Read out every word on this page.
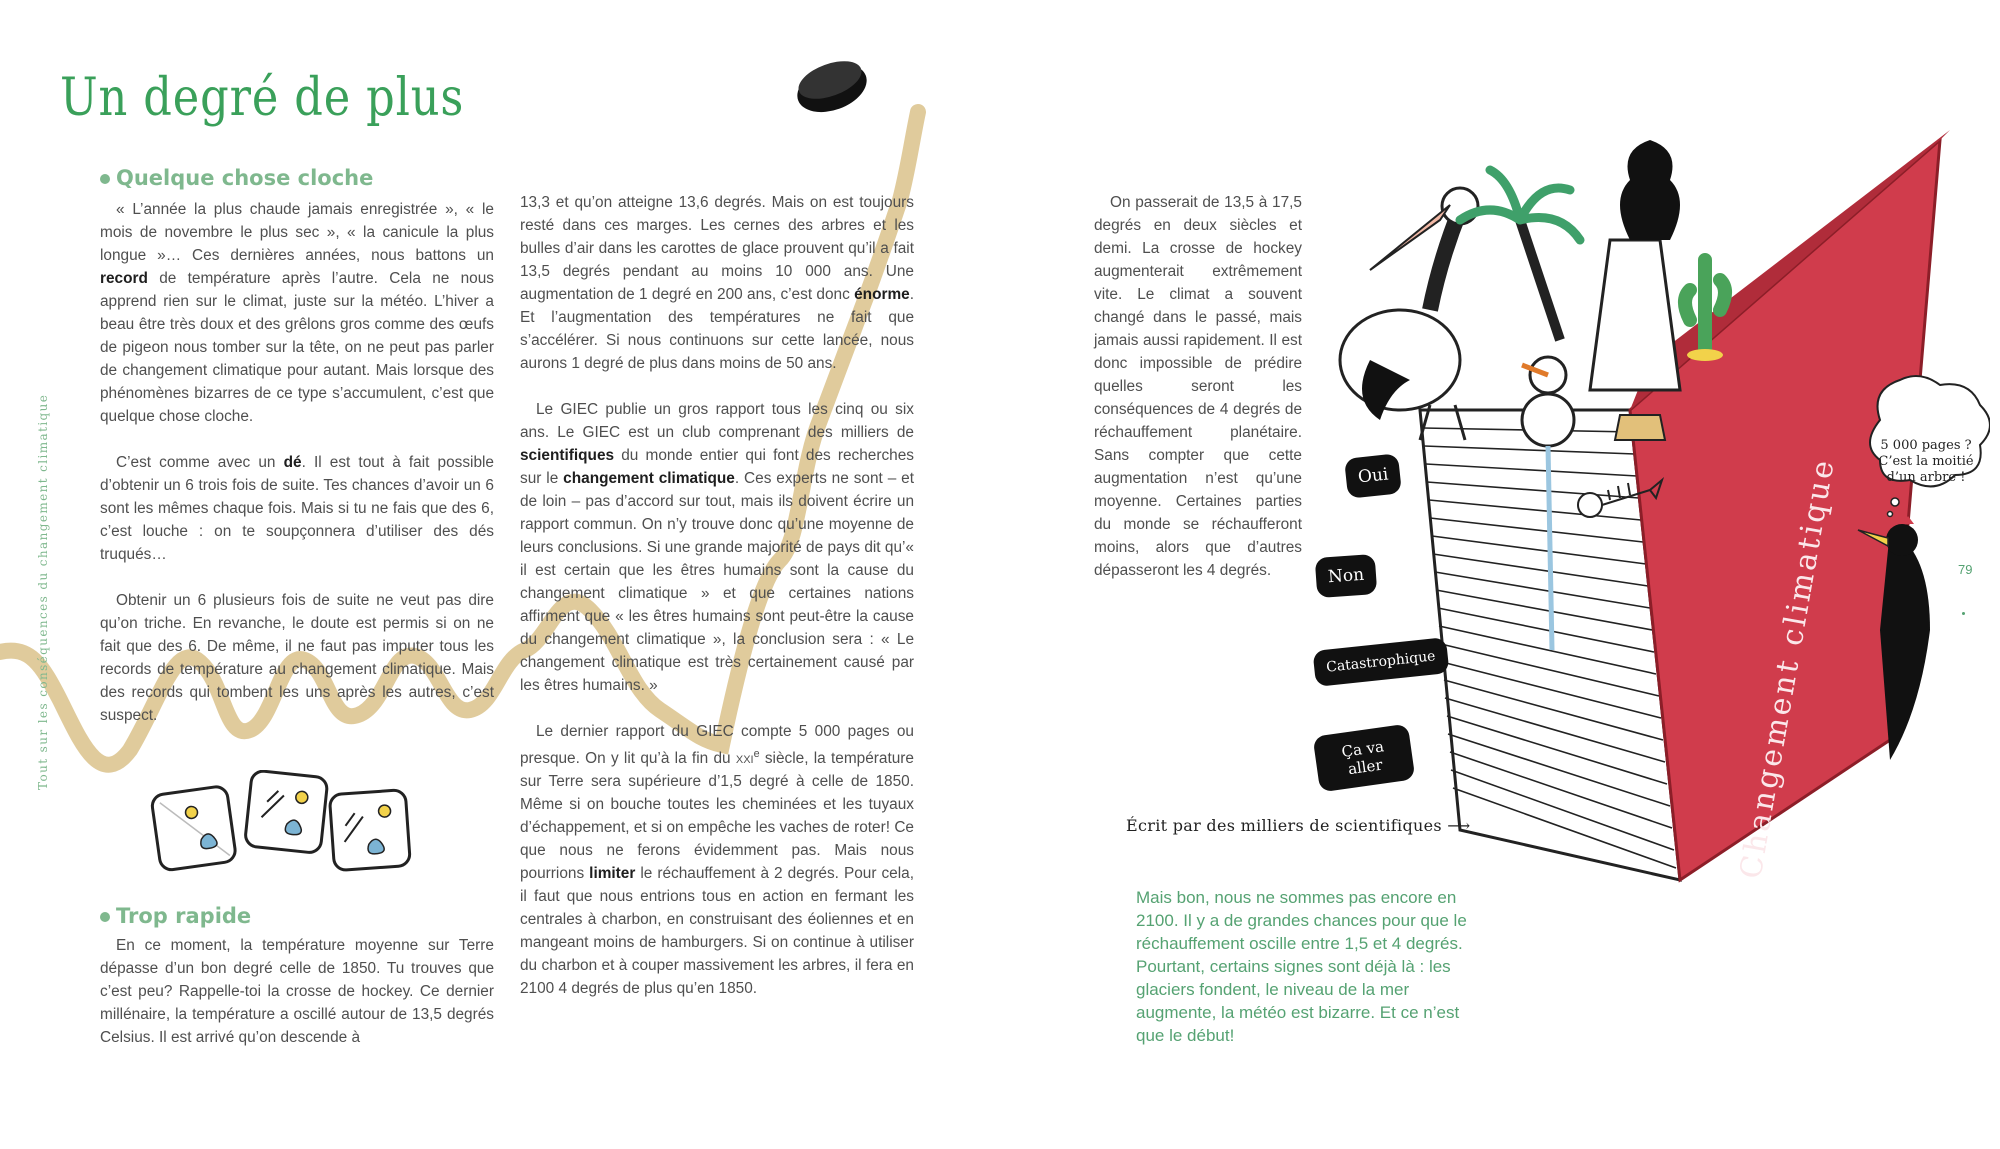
Un degré de plus
Tout sur les conséquences du changement climatique
Quelque chose cloche

« L’année la plus chaude jamais enregistrée », « le mois de novembre le plus sec », « la canicule la plus longue »… Ces dernières années, nous battons un record de température après l’autre. Cela ne nous apprend rien sur le climat, juste sur la météo. L’hiver a beau être très doux et des grêlons gros comme des œufs de pigeon nous tomber sur la tête, on ne peut pas parler de changement climatique pour autant. Mais lorsque des phénomènes bizarres de ce type s’accumulent, c’est que quelque chose cloche.

C’est comme avec un dé. Il est tout à fait possible d’obtenir un 6 trois fois de suite. Tes chances d’avoir un 6 sont les mêmes chaque fois. Mais si tu ne fais que des 6, c’est louche : on te soupçonnera d’utiliser des dés truqués…

Obtenir un 6 plusieurs fois de suite ne veut pas dire qu’on triche. En revanche, le doute est permis si on ne fait que des 6. De même, il ne faut pas imputer tous les records de température au changement climatique. Mais des records qui tombent les uns après les autres, c’est suspect.

Trop rapide

En ce moment, la température moyenne sur Terre dépasse d’un bon degré celle de 1850. Tu trouves que c’est peu? Rappelle-toi la crosse de hockey. Ce dernier millénaire, la température a oscillé autour de 13,5 degrés Celsius. Il est arrivé qu’on descende à

13,3 et qu’on atteigne 13,6 degrés. Mais on est toujours resté dans ces marges. Les cernes des arbres et les bulles d’air dans les carottes de glace prouvent qu’il a fait 13,5 degrés pendant au moins 10 000 ans. Une augmentation de 1 degré en 200 ans, c’est donc énorme. Et l’augmentation des températures ne fait que s’accélérer. Si nous continuons sur cette lancée, nous aurons 1 degré de plus dans moins de 50 ans.

Le GIEC publie un gros rapport tous les cinq ou six ans. Le GIEC est un club comprenant des milliers de scientifiques du monde entier qui font des recherches sur le changement climatique. Ces experts ne sont – et de loin – pas d’accord sur tout, mais ils doivent écrire un rapport commun. On n’y trouve donc qu’une moyenne de leurs conclusions. Si une grande majorité de pays dit qu’« il est certain que les êtres humains sont la cause du changement climatique » et que certaines nations affirment que « les êtres humains sont peut-être la cause du changement climatique », la conclusion sera : « Le changement climatique est très certainement causé par les êtres humains. »

Le dernier rapport du GIEC compte 5 000 pages ou presque. On y lit qu’à la fin du xxi$^e$ siècle, la température sur Terre sera supérieure d’1,5 degré à celle de 1850. Même si on bouche toutes les cheminées et les tuyaux d’échappement, et si on empêche les vaches de roter! Ce que nous ne ferons évidemment pas. Mais nous pourrions limiter le réchauffement à 2 degrés. Pour cela, il faut que nous entrions tous en action en fermant les centrales à charbon, en construisant des éoliennes et en mangeant moins de hamburgers. Si on continue à utiliser du charbon et à couper massivement les arbres, il fera en 2100 4 degrés de plus qu’en 1850.

On passerait de 13,5 à 17,5 degrés en deux siècles et demi. La crosse de hockey augmenterait extrêmement vite. Le climat a souvent changé dans le passé, mais jamais aussi rapidement. Il est donc impossible de prédire quelles seront les conséquences de 4 degrés de réchauffement planétaire. Sans compter que cette augmentation n’est qu’une moyenne. Certaines parties du monde se réchaufferont moins, alors que d’autres dépasseront les 4 degrés.	Changement climatique
5 000 pages ?
C’est la moitié
d’un arbre !
Oui
Non
Catastrophique
Ça va aller
Écrit par des milliers de scientifiques ⟶
79

Mais bon, nous ne sommes pas encore en 2100. Il y a de grandes chances pour que le réchauffement oscille entre 1,5 et 4 degrés. Pourtant, certains signes sont déjà là : les glaciers fondent, le niveau de la mer augmente, la météo est bizarre. Et ce n’est que le début!
